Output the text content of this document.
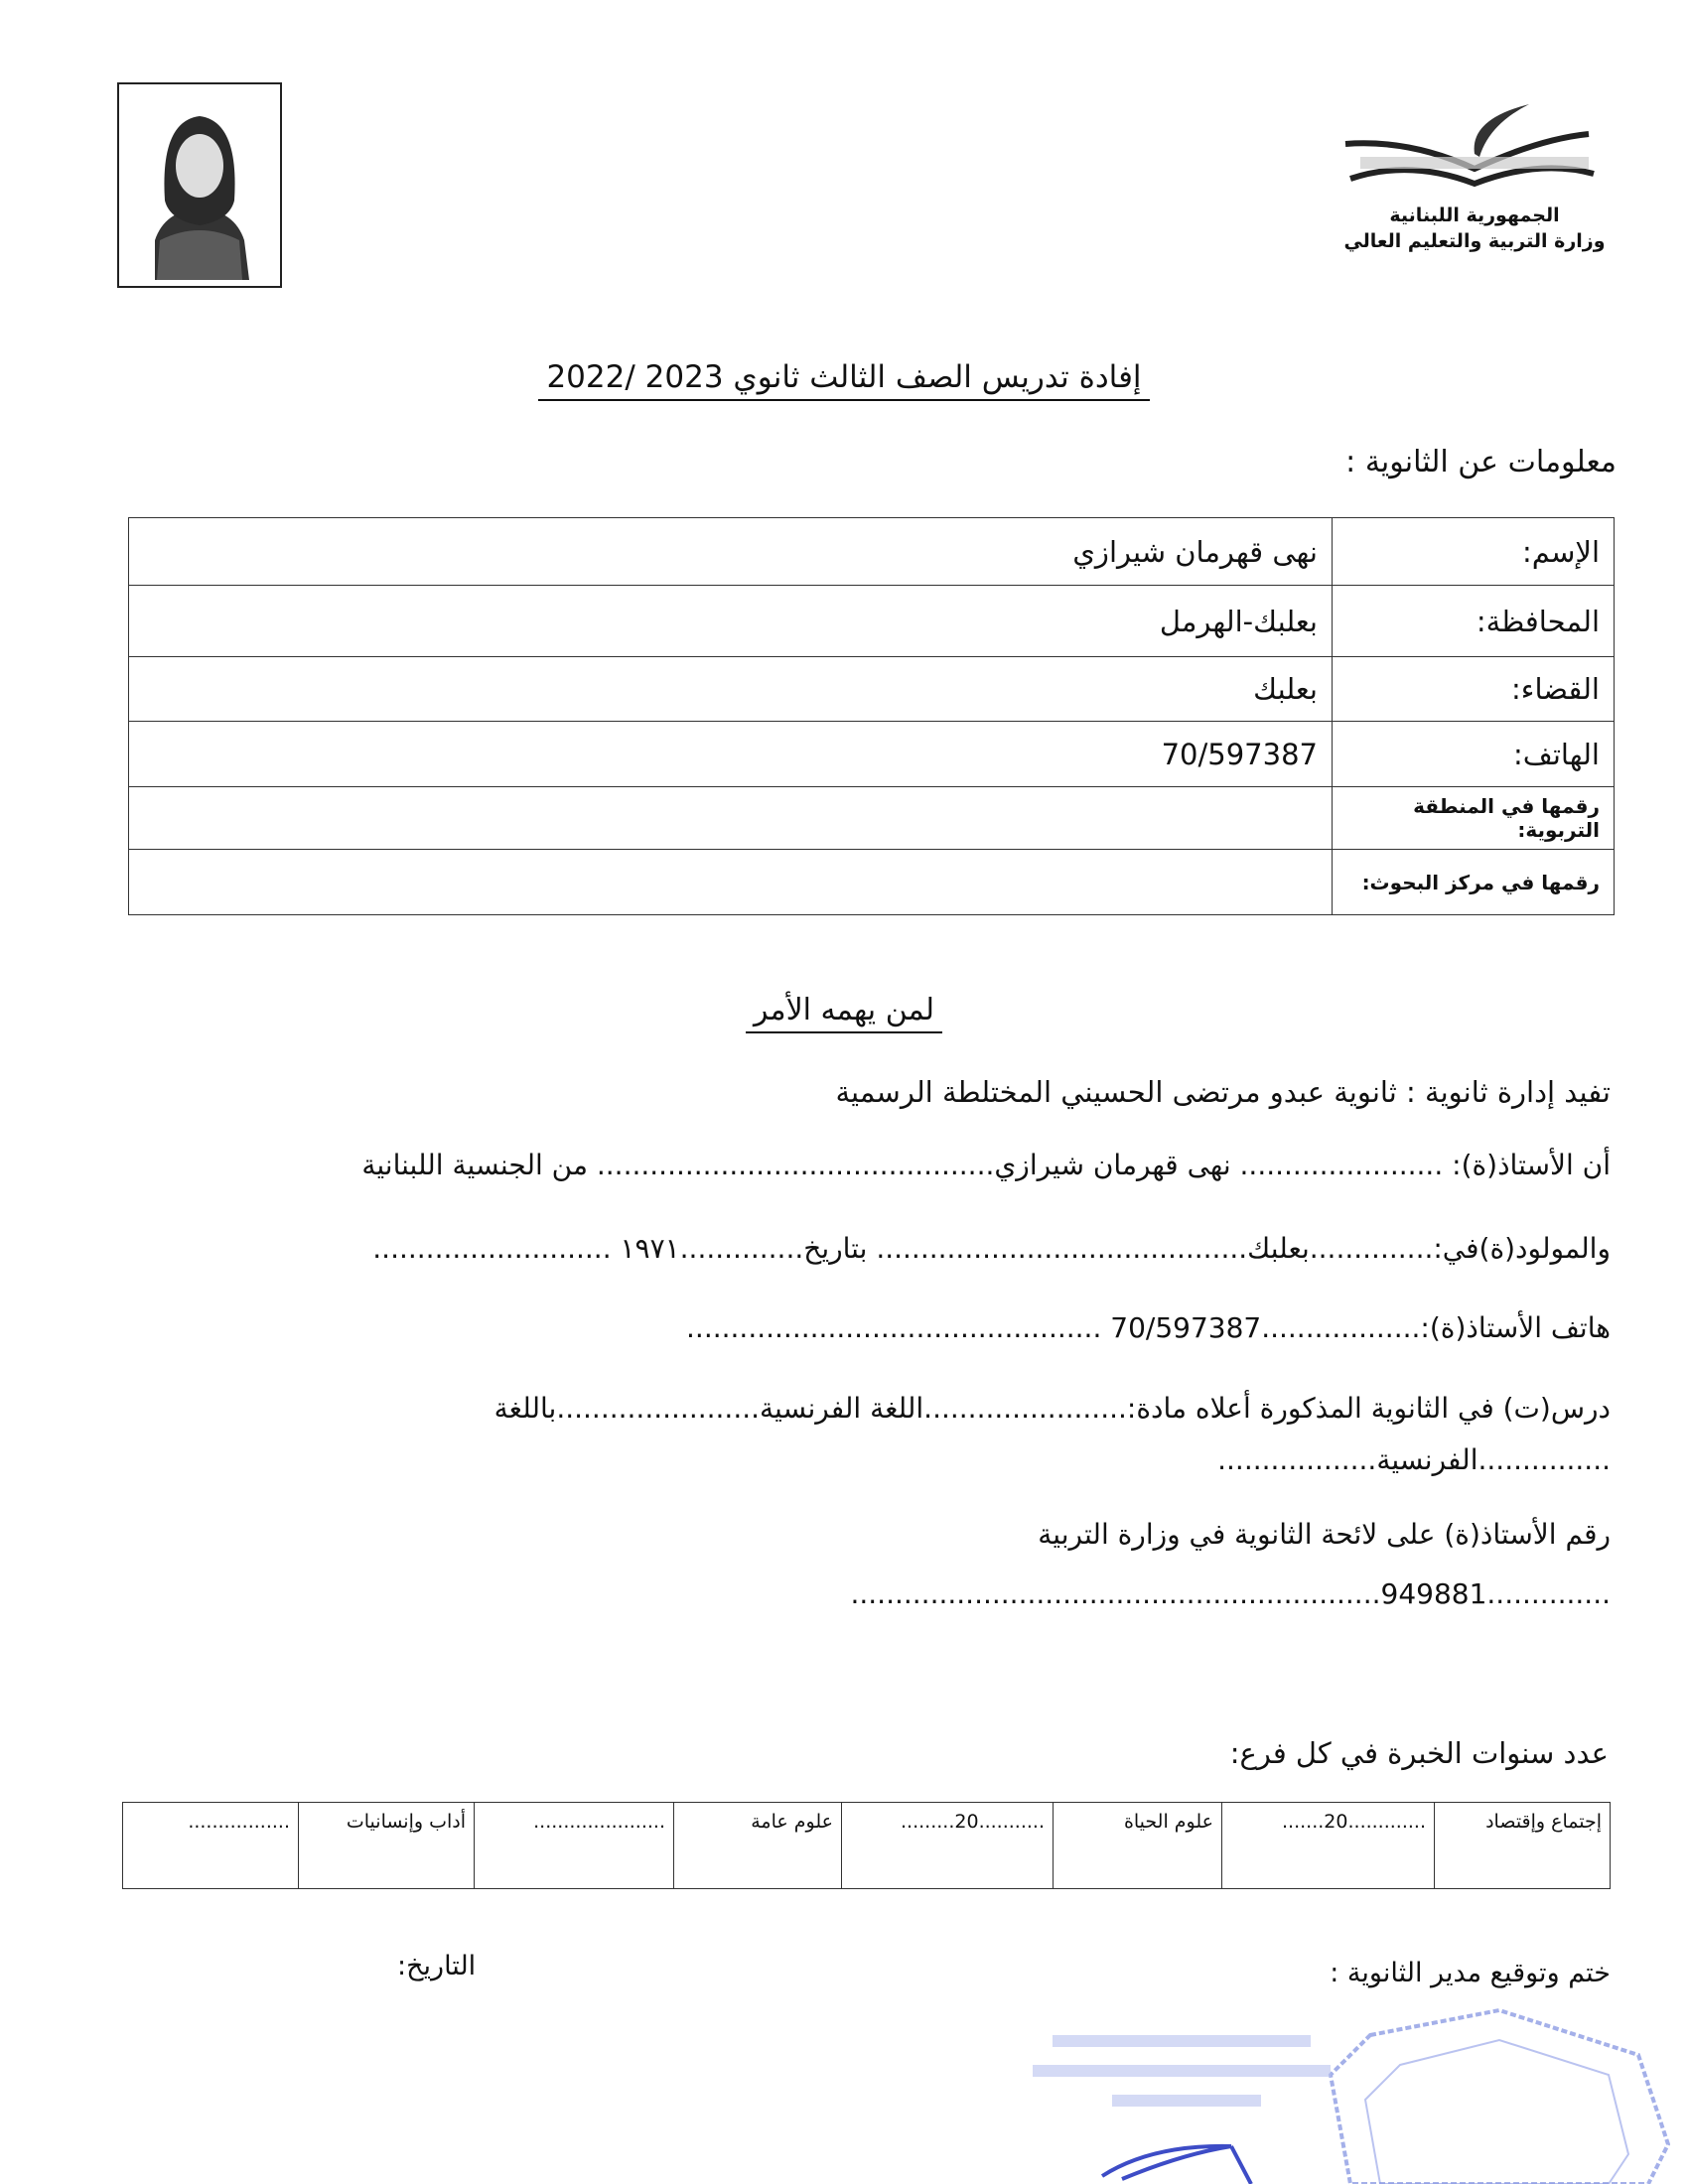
الجمهورية اللبنانية
وزارة التربية والتعليم العالي
إفادة تدريس الصف الثالث ثانوي 2023 /2022
معلومات عن الثانوية :
الإسم:	نهى قهرمان شيرازي
المحافظة:	بعلبك-الهرمل
القضاء:	بعلبك
الهاتف:	70/597387
رقمها في المنطقة التربوية:	
رقمها في مركز البحوث:	
لمن يهمه الأمر
تفيد إدارة ثانوية : ثانوية عبدو مرتضى الحسيني المختلطة الرسمية
أن الأستاذ(ة): ....................... نهى قهرمان شيرازي............................................. من الجنسية اللبنانية
والمولود(ة)في:..............بعلبك.......................................... بتاريخ..............١٩٧١ ...........................
هاتف الأستاذ(ة):..................70/597387 ...............................................
درس(ت) في الثانوية المذكورة أعلاه مادة:.......................اللغة الفرنسية.......................باللغة
...............الفرنسية..................
رقم الأستاذ(ة) على لائحة الثانوية في وزارة التربية
..............949881............................................................
عدد سنوات الخبرة في كل فرع:
إجتماع وإقتصاد	.............20.......	علوم الحياة	...........20.........	علوم عامة	......................	أداب وإنسانيات	.................
ختم وتوقيع مدير الثانوية :
التاريخ:
